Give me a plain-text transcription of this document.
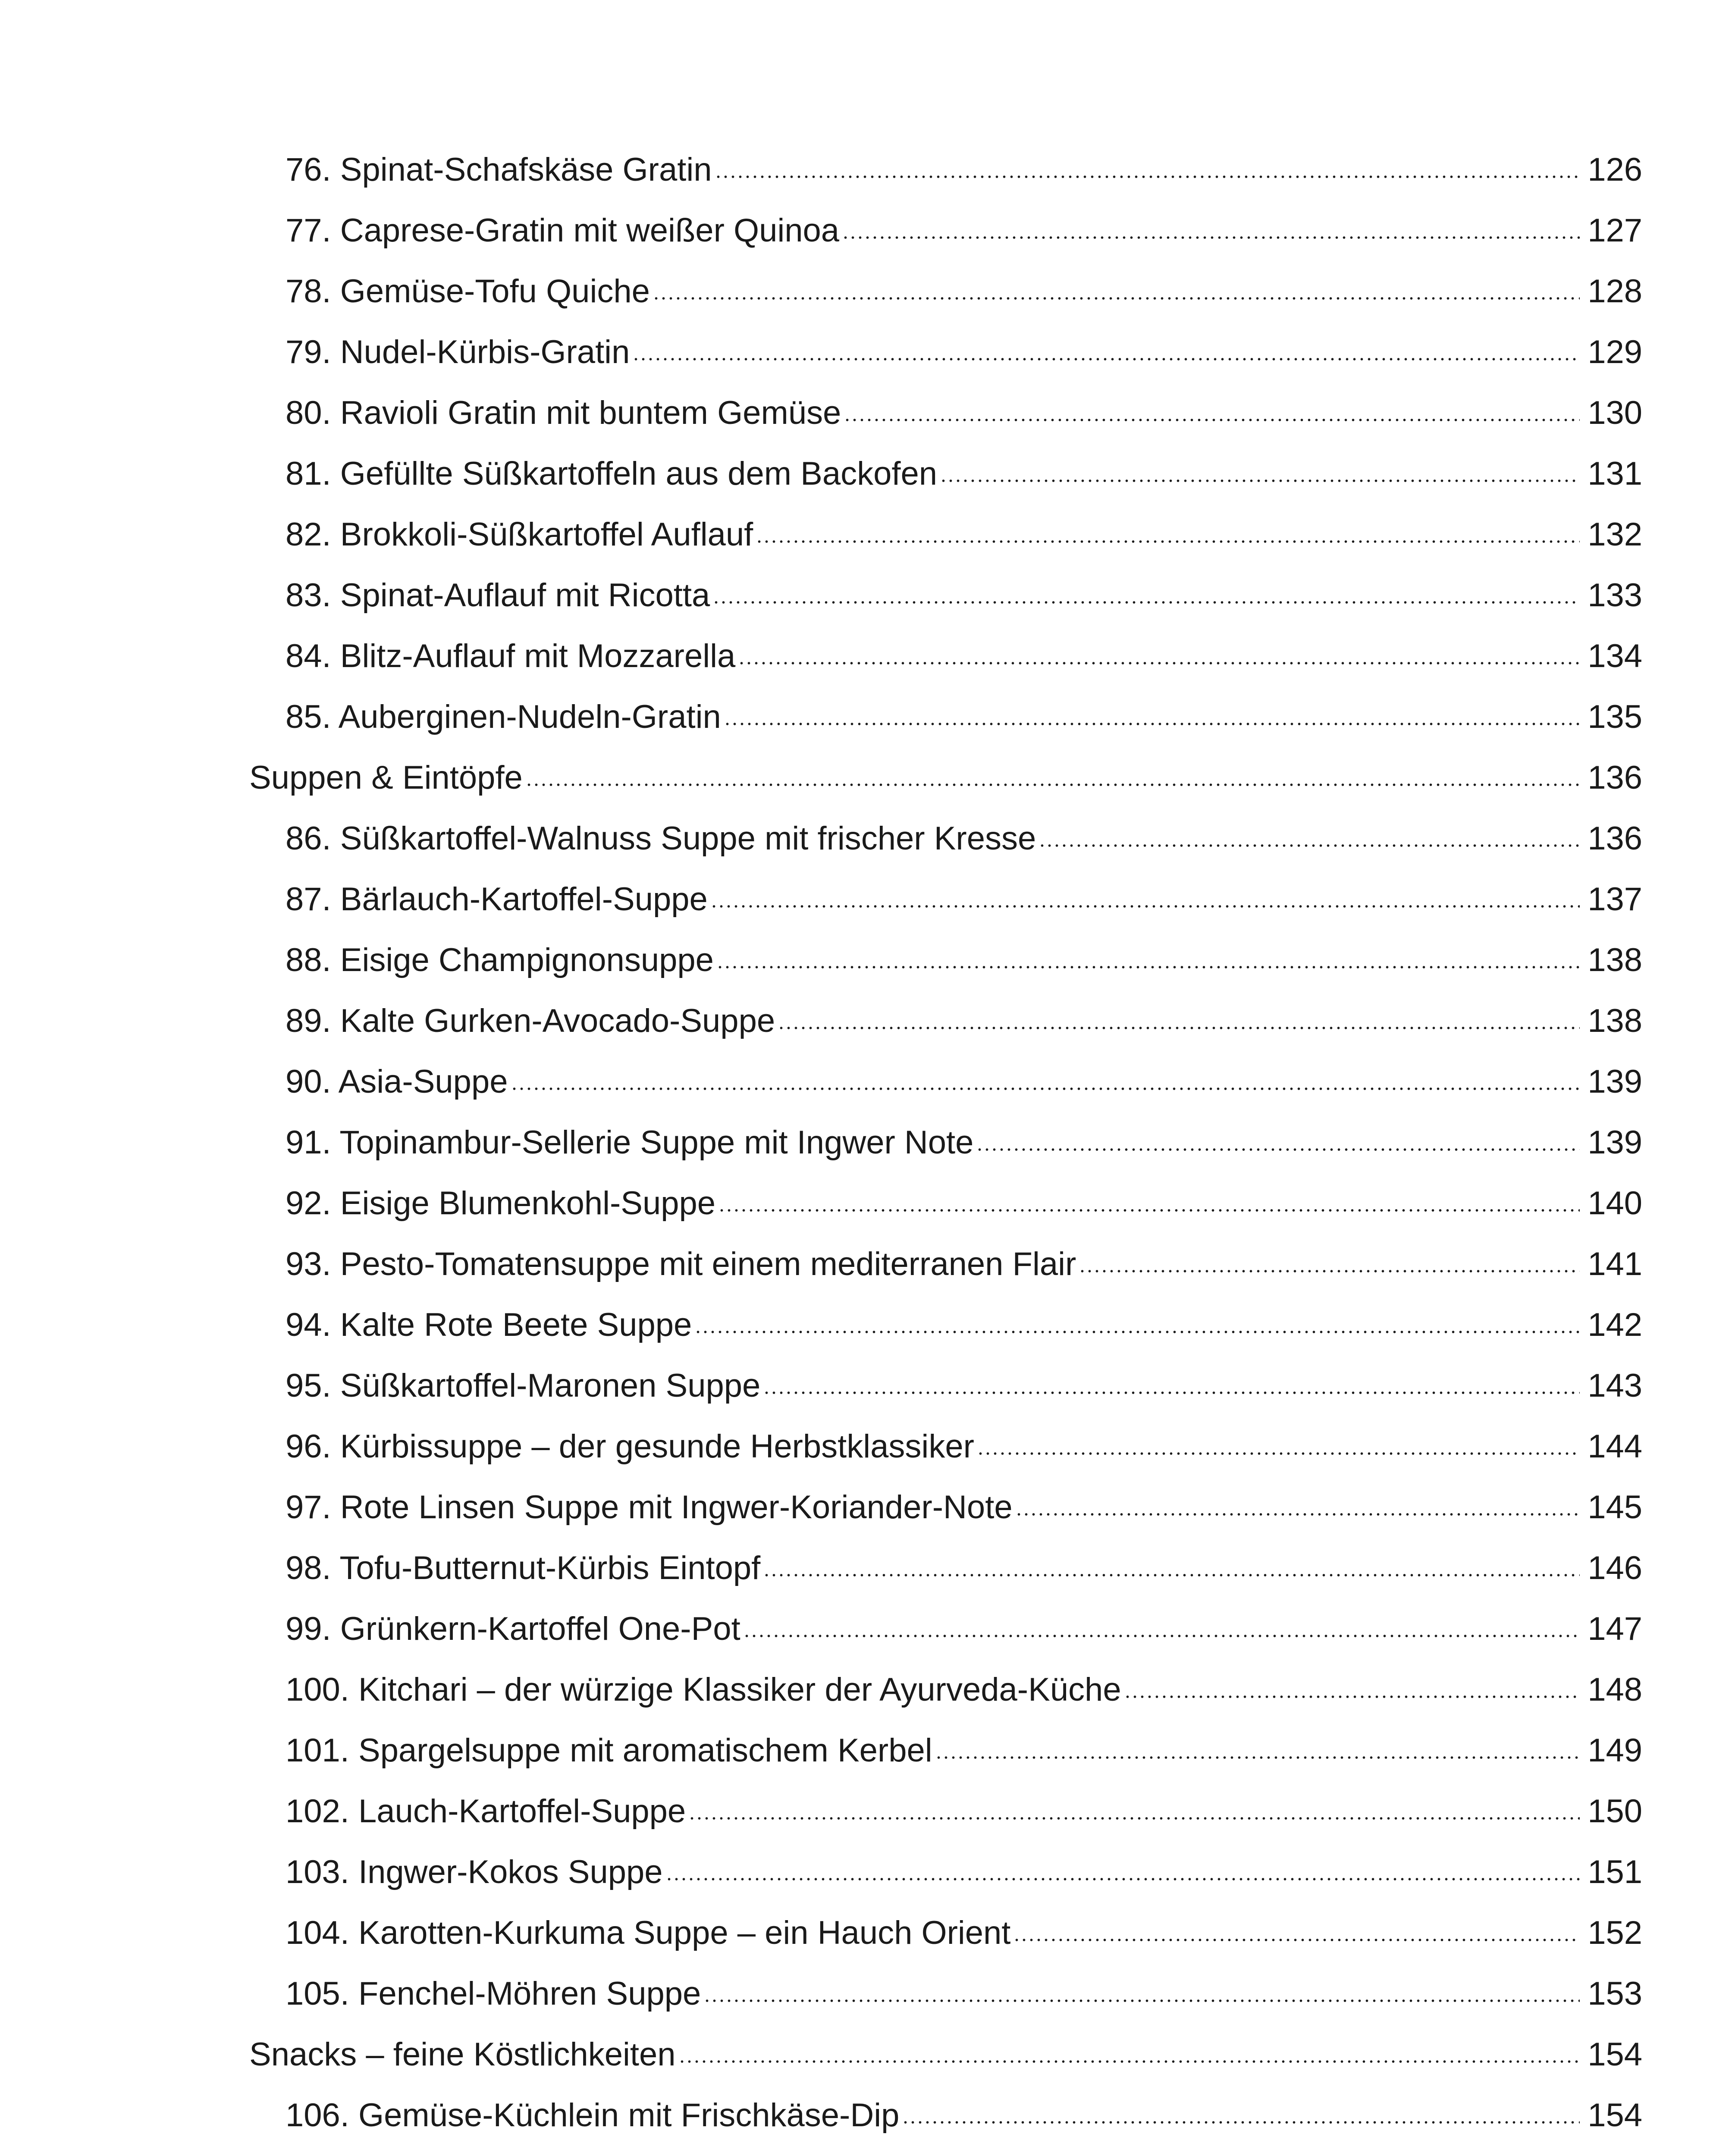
76. Spinat-Schafskäse Gratin	126
77. Caprese-Gratin mit weißer Quinoa	127
78. Gemüse-Tofu Quiche	128
79. Nudel-Kürbis-Gratin	129
80. Ravioli Gratin mit buntem Gemüse	130
81. Gefüllte Süßkartoffeln aus dem Backofen	131
82. Brokkoli-Süßkartoffel Auflauf	132
83. Spinat-Auflauf mit Ricotta	133
84. Blitz-Auflauf mit Mozzarella	134
85. Auberginen-Nudeln-Gratin	135
Suppen & Eintöpfe	136
86. Süßkartoffel-Walnuss Suppe mit frischer Kresse	136
87. Bärlauch-Kartoffel-Suppe	137
88. Eisige Champignonsuppe	138
89. Kalte Gurken-Avocado-Suppe	138
90. Asia-Suppe	139
91. Topinambur-Sellerie Suppe mit Ingwer Note	139
92. Eisige Blumenkohl-Suppe	140
93. Pesto-Tomatensuppe mit einem mediterranen Flair	141
94. Kalte Rote Beete Suppe	142
95. Süßkartoffel-Maronen Suppe	143
96. Kürbissuppe – der gesunde Herbstklassiker	144
97. Rote Linsen Suppe mit Ingwer-Koriander-Note	145
98. Tofu-Butternut-Kürbis Eintopf	146
99. Grünkern-Kartoffel One-Pot	147
100. Kitchari – der würzige Klassiker der Ayurveda-Küche	148
101. Spargelsuppe mit aromatischem Kerbel	149
102. Lauch-Kartoffel-Suppe	150
103. Ingwer-Kokos Suppe	151
104. Karotten-Kurkuma Suppe – ein Hauch Orient	152
105. Fenchel-Möhren Suppe	153
Snacks – feine Köstlichkeiten	154
106. Gemüse-Küchlein mit Frischkäse-Dip	154
